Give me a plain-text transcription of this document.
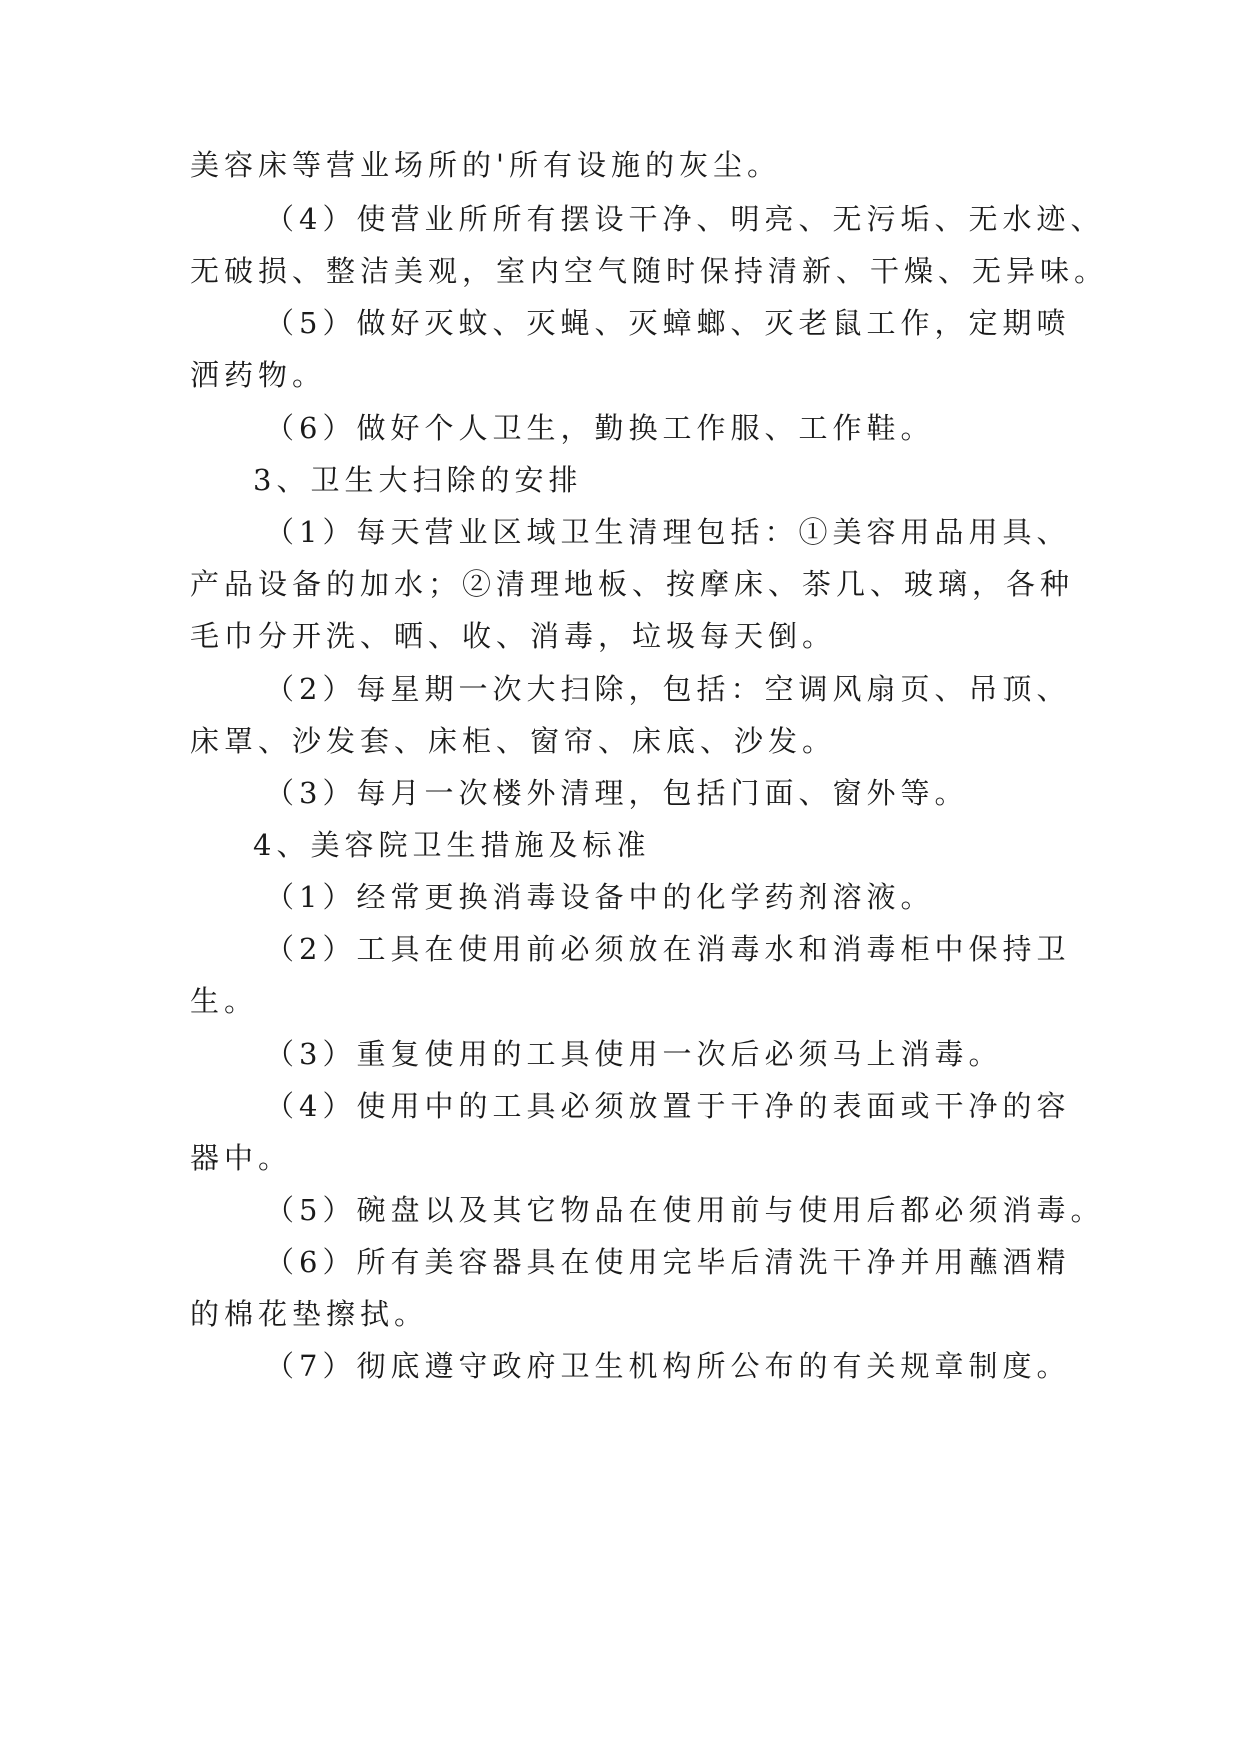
美容床等营业场所的'所有设施的灰尘。
（4）使营业所所有摆设干净、明亮、无污垢、无水迹、
无破损、整洁美观，室内空气随时保持清新、干燥、无异味。
（5）做好灭蚊、灭蝇、灭蟑螂、灭老鼠工作，定期喷
洒药物。
（6）做好个人卫生，勤换工作服、工作鞋。
3、卫生大扫除的安排
（1）每天营业区域卫生清理包括：①美容用品用具、
产品设备的加水；②清理地板、按摩床、茶几、玻璃，各种
毛巾分开洗、晒、收、消毒，垃圾每天倒。
（2）每星期一次大扫除，包括：空调风扇页、吊顶、
床罩、沙发套、床柜、窗帘、床底、沙发。
（3）每月一次楼外清理，包括门面、窗外等。
4、美容院卫生措施及标准
（1）经常更换消毒设备中的化学药剂溶液。
（2）工具在使用前必须放在消毒水和消毒柜中保持卫
生。
（3）重复使用的工具使用一次后必须马上消毒。
（4）使用中的工具必须放置于干净的表面或干净的容
器中。
（5）碗盘以及其它物品在使用前与使用后都必须消毒。
（6）所有美容器具在使用完毕后清洗干净并用蘸酒精
的棉花垫擦拭。
（7）彻底遵守政府卫生机构所公布的有关规章制度。
